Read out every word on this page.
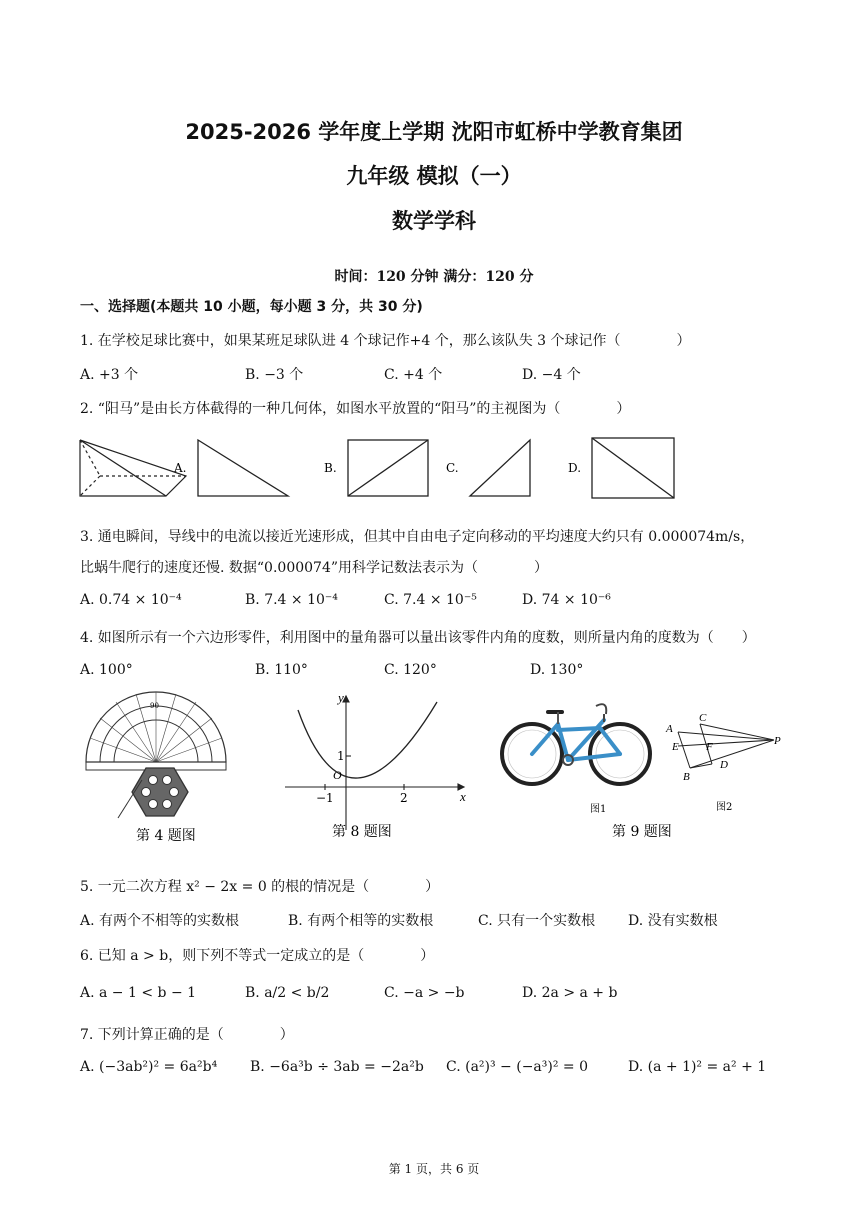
2025-2026 学年度上学期 沈阳市虹桥中学教育集团
九年级 模拟（一）
数学学科
时间：120 分钟 满分：120 分
一、选择题(本题共 10 小题，每小题 3 分，共 30 分)
1. 在学校足球比赛中，如果某班足球队进 4 个球记作+4 个，那么该队失 3 个球记作（　　　　）
A. +3 个	B. −3 个	C. +4 个	D. −4 个
2. “阳马”是由长方体截得的一种几何体，如图水平放置的“阳马”的主视图为（　　　　）
A.	B.	C.	D.
3. 通电瞬间，导线中的电流以接近光速形成，但其中自由电子定向移动的平均速度大约只有 0.000074m/s，
比蜗牛爬行的速度还慢. 数据“0.000074”用科学记数法表示为（　　　　）
A. 0.74 × 10⁻⁴	B. 7.4 × 10⁻⁴	C. 7.4 × 10⁻⁵	D. 74 × 10⁻⁶
4. 如图所示有一个六边形零件，利用图中的量角器可以量出该零件内角的度数，则所量内角的度数为（　　）
A. 100°	B. 110°	C. 120°	D. 130°
90
y
x
1
O
−1	2
图1
A
C
E F	P
B
D
图2
第 4 题图	第 8 题图	第 9 题图
5. 一元二次方程 x² − 2x = 0 的根的情况是（　　　　）
A. 有两个不相等的实数根	B. 有两个相等的实数根	C. 只有一个实数根 D. 没有实数根
6. 已知 a > b，则下列不等式一定成立的是（　　　　）
A. a − 1 < b − 1	B. a/2 < b/2	C. −a > −b	D. 2a > a + b
7. 下列计算正确的是（　　　　）
A. (−3ab²)² = 6a²b⁴ B. −6a³b ÷ 3ab = −2a²b C. (a²)³ − (−a³)² = 0	D. (a + 1)² = a² + 1
第 1 页，共 6 页
